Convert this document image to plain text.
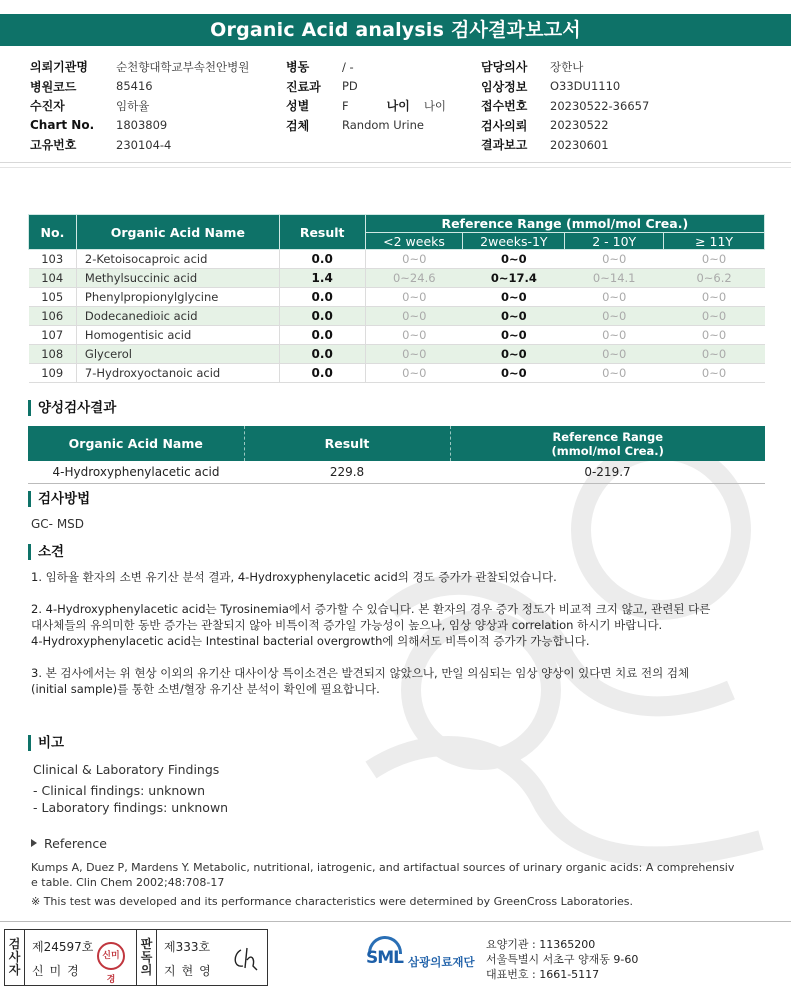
Organic Acid analysis 검사결과보고서
의뢰기관명	순천향대학교부속천안병원
병원코드	85416
수진자	임하율
Chart No.	1803809
고유번호	230104-4
병동	/ -
진료과	PD
성별	F	나이 나이
검체	Random Urine
담당의사	장한나
임상정보	O33DU1110
접수번호	20230522-36657
검사의뢰	20230522
결과보고	20230601
No.	Organic Acid Name	Result	Reference Range (mmol/mol Crea.)			
			<2 weeks	2weeks-1Y	2 - 10Y	≥ 11Y
103	2-Ketoisocaproic acid	0.0	0~0	0~0	0~0	0~0
104	Methylsuccinic acid	1.4	0~24.6	0~17.4	0~14.1	0~6.2
105	Phenylpropionylglycine	0.0	0~0	0~0	0~0	0~0
106	Dodecanedioic acid	0.0	0~0	0~0	0~0	0~0
107	Homogentisic acid	0.0	0~0	0~0	0~0	0~0
108	Glycerol	0.0	0~0	0~0	0~0	0~0
109	7-Hydroxyoctanoic acid	0.0	0~0	0~0	0~0	0~0
양성검사결과
Organic Acid Name	Result	Reference Range
(mmol/mol Crea.)

4-Hydroxyphenylacetic acid	229.8	0-219.7
검사방법
GC- MSD
소견

1. 임하율 환자의 소변 유기산 분석 결과, 4-Hydroxyphenylacetic acid의 경도 증가가 관찰되었습니다.

2. 4-Hydroxyphenylacetic acid는 Tyrosinemia에서 증가할 수 있습니다. 본 환자의 경우 증가 정도가 비교적 크지 않고, 관련된 다른
대사체들의 유의미한 동반 증가는 관찰되지 않아 비특이적 증가일 가능성이 높으나, 임상 양상과 correlation 하시기 바랍니다.
4-Hydroxyphenylacetic acid는 Intestinal bacterial overgrowth에 의해서도 비특이적 증가가 가능합니다.
3. 본 검사에서는 위 현상 이외의 유기산 대사이상 특이소견은 발견되지 않았으나, 만일 의심되는 임상 양상이 있다면 치료 전의 검체
(initial sample)를 통한 소변/혈장 유기산 분석이 확인에 필요합니다.
비고
Clinical & Laboratory Findings
- Clinical findings: unknown
- Laboratory findings: unknown
Reference
Kumps A, Duez P, Mardens Y. Metabolic, nutritional, iatrogenic, and artifactual sources of urinary organic acids: A comprehensiv
e table. Clin Chem 2002;48:708-17
※ This test was developed and its performance characteristics were determined by GreenCross Laboratories.
검
사
자
제24597호
신미경
신미경
판
독
의
제333호
지현영
SML 삼광의료재단
요양기관 : 11365200
서울특별시 서초구 양재동 9-60
대표번호 : 1661-5117
